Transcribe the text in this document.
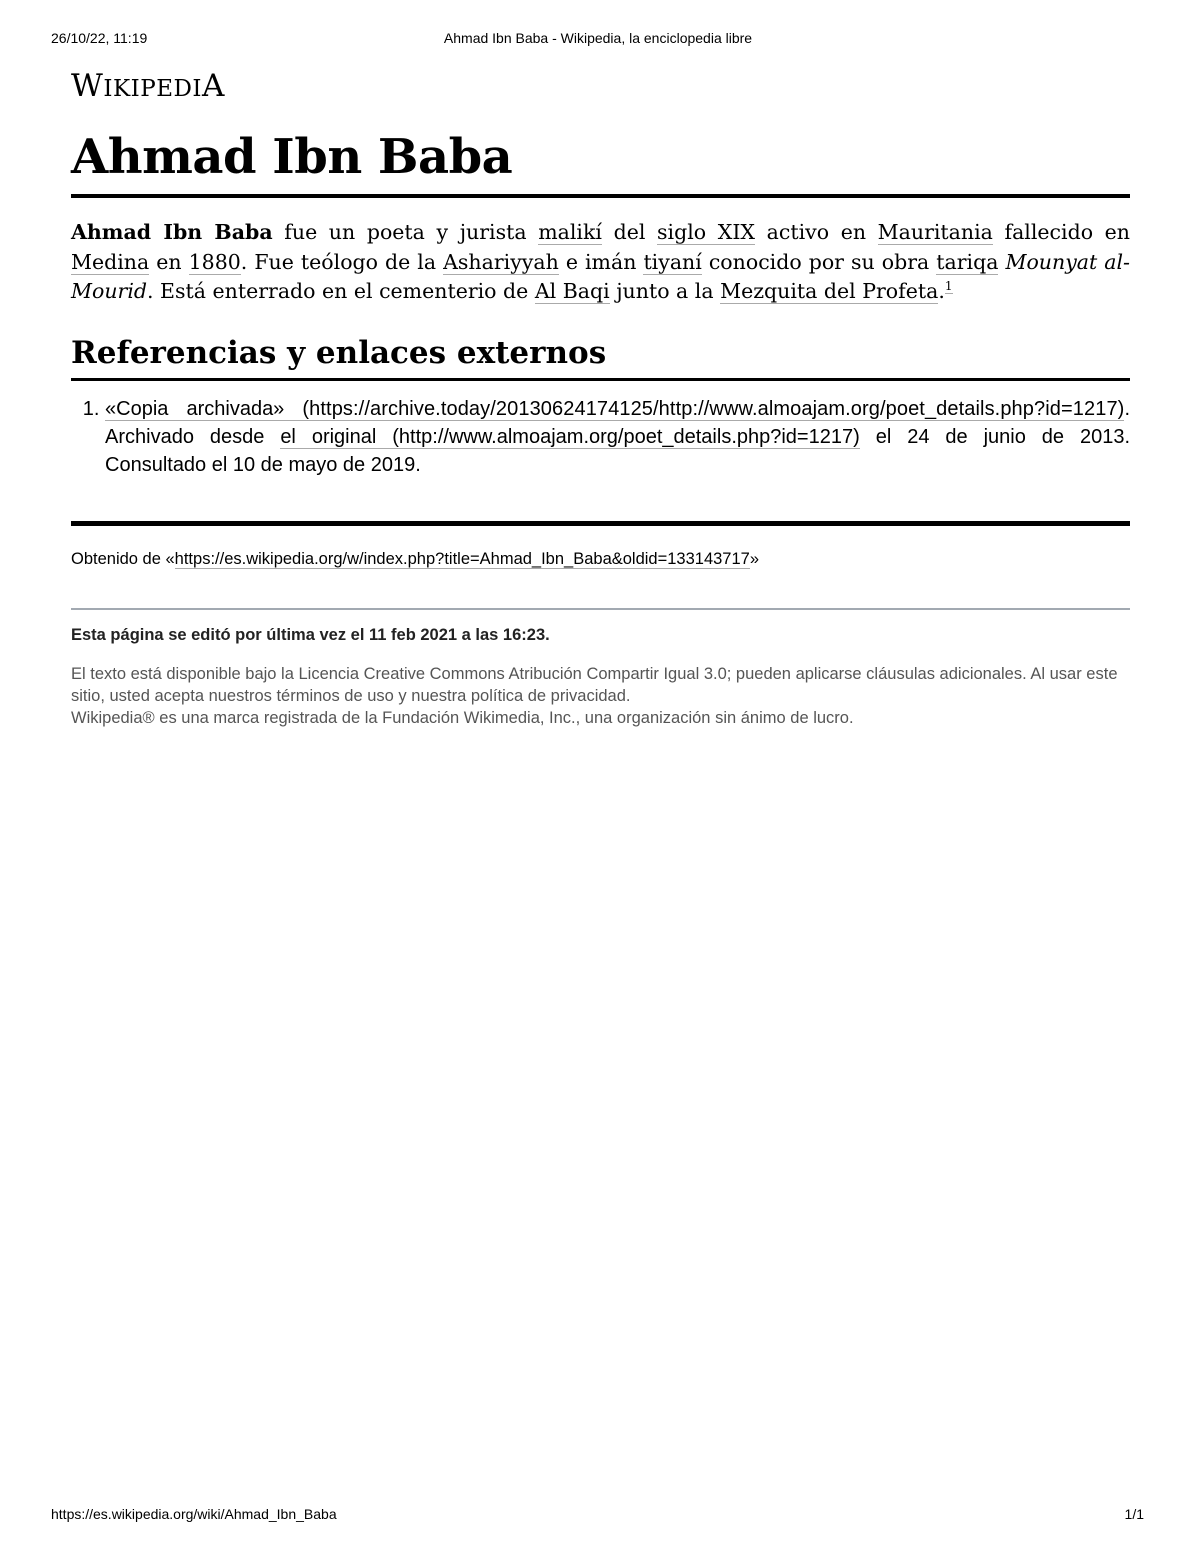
26/10/22, 11:19	Ahmad Ibn Baba - Wikipedia, la enciclopedia libre
WIKIPEDIA
Ahmad Ibn Baba

Ahmad Ibn Baba fue un poeta y jurista malikí del siglo XIX activo en Mauritania fallecido en Medina en 1880. Fue teólogo de la Ashariyyah e imán tiyaní conocido por su obra tariqa Mounyat al-Mourid. Está enterrado en el cementerio de Al Baqi junto a la Mezquita del Profeta.$^1$

Referencias y enlaces externos
1. «Copia archivada» (https://archive.today/20130624174125/http://www.almoajam.org/poet_details.php?id=1217). Archivado desde el original (http://www.almoajam.org/poet_details.php?id=1217) el 24 de junio de 2013. Consultado el 10 de mayo de 2019.
Obtenido de «https://es.wikipedia.org/w/index.php?title=Ahmad_Ibn_Baba&oldid=133143717»
Esta página se editó por última vez el 11 feb 2021 a las 16:23.

El texto está disponible bajo la Licencia Creative Commons Atribución Compartir Igual 3.0; pueden aplicarse cláusulas adicionales. Al usar este sitio, usted acepta nuestros términos de uso y nuestra política de privacidad.

Wikipedia® es una marca registrada de la Fundación Wikimedia, Inc., una organización sin ánimo de lucro.

https://es.wikipedia.org/wiki/Ahmad_Ibn_Baba	1/1
